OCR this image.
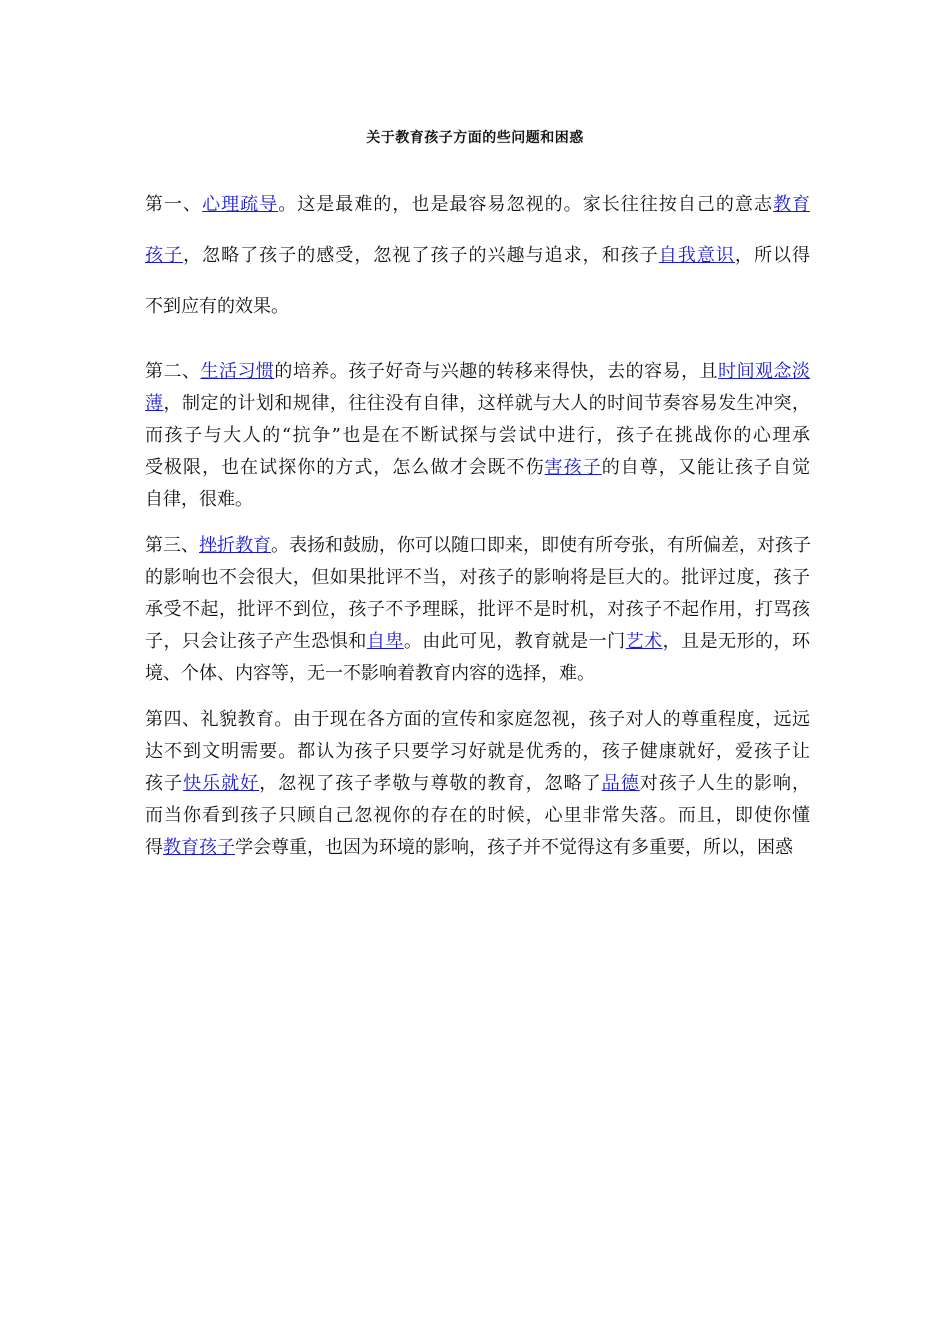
关于教育孩子方面的些问题和困惑
第一、心理疏导。这是最难的，也是最容易忽视的。家长往往按自己的意志教育
孩子，忽略了孩子的感受，忽视了孩子的兴趣与追求，和孩子自我意识，所以得
不到应有的效果。
第二、生活习惯的培养。孩子好奇与兴趣的转移来得快，去的容易，且时间观念淡
薄，制定的计划和规律，往往没有自律，这样就与大人的时间节奏容易发生冲突，
而孩子与大人的“抗争”也是在不断试探与尝试中进行，孩子在挑战你的心理承
受极限，也在试探你的方式，怎么做才会既不伤害孩子的自尊，又能让孩子自觉
自律，很难。
第三、挫折教育。表扬和鼓励，你可以随口即来，即使有所夸张，有所偏差，对孩子
的影响也不会很大，但如果批评不当，对孩子的影响将是巨大的。批评过度，孩子
承受不起，批评不到位，孩子不予理睬，批评不是时机，对孩子不起作用，打骂孩
子，只会让孩子产生恐惧和自卑。由此可见，教育就是一门艺术，且是无形的，环
境、个体、内容等，无一不影响着教育内容的选择，难。
第四、礼貌教育。由于现在各方面的宣传和家庭忽视，孩子对人的尊重程度，远远
达不到文明需要。都认为孩子只要学习好就是优秀的，孩子健康就好，爱孩子让
孩子快乐就好，忽视了孩子孝敬与尊敬的教育，忽略了品德对孩子人生的影响，
而当你看到孩子只顾自己忽视你的存在的时候，心里非常失落。而且，即使你懂
得教育孩子学会尊重，也因为环境的影响，孩子并不觉得这有多重要，所以，困惑
